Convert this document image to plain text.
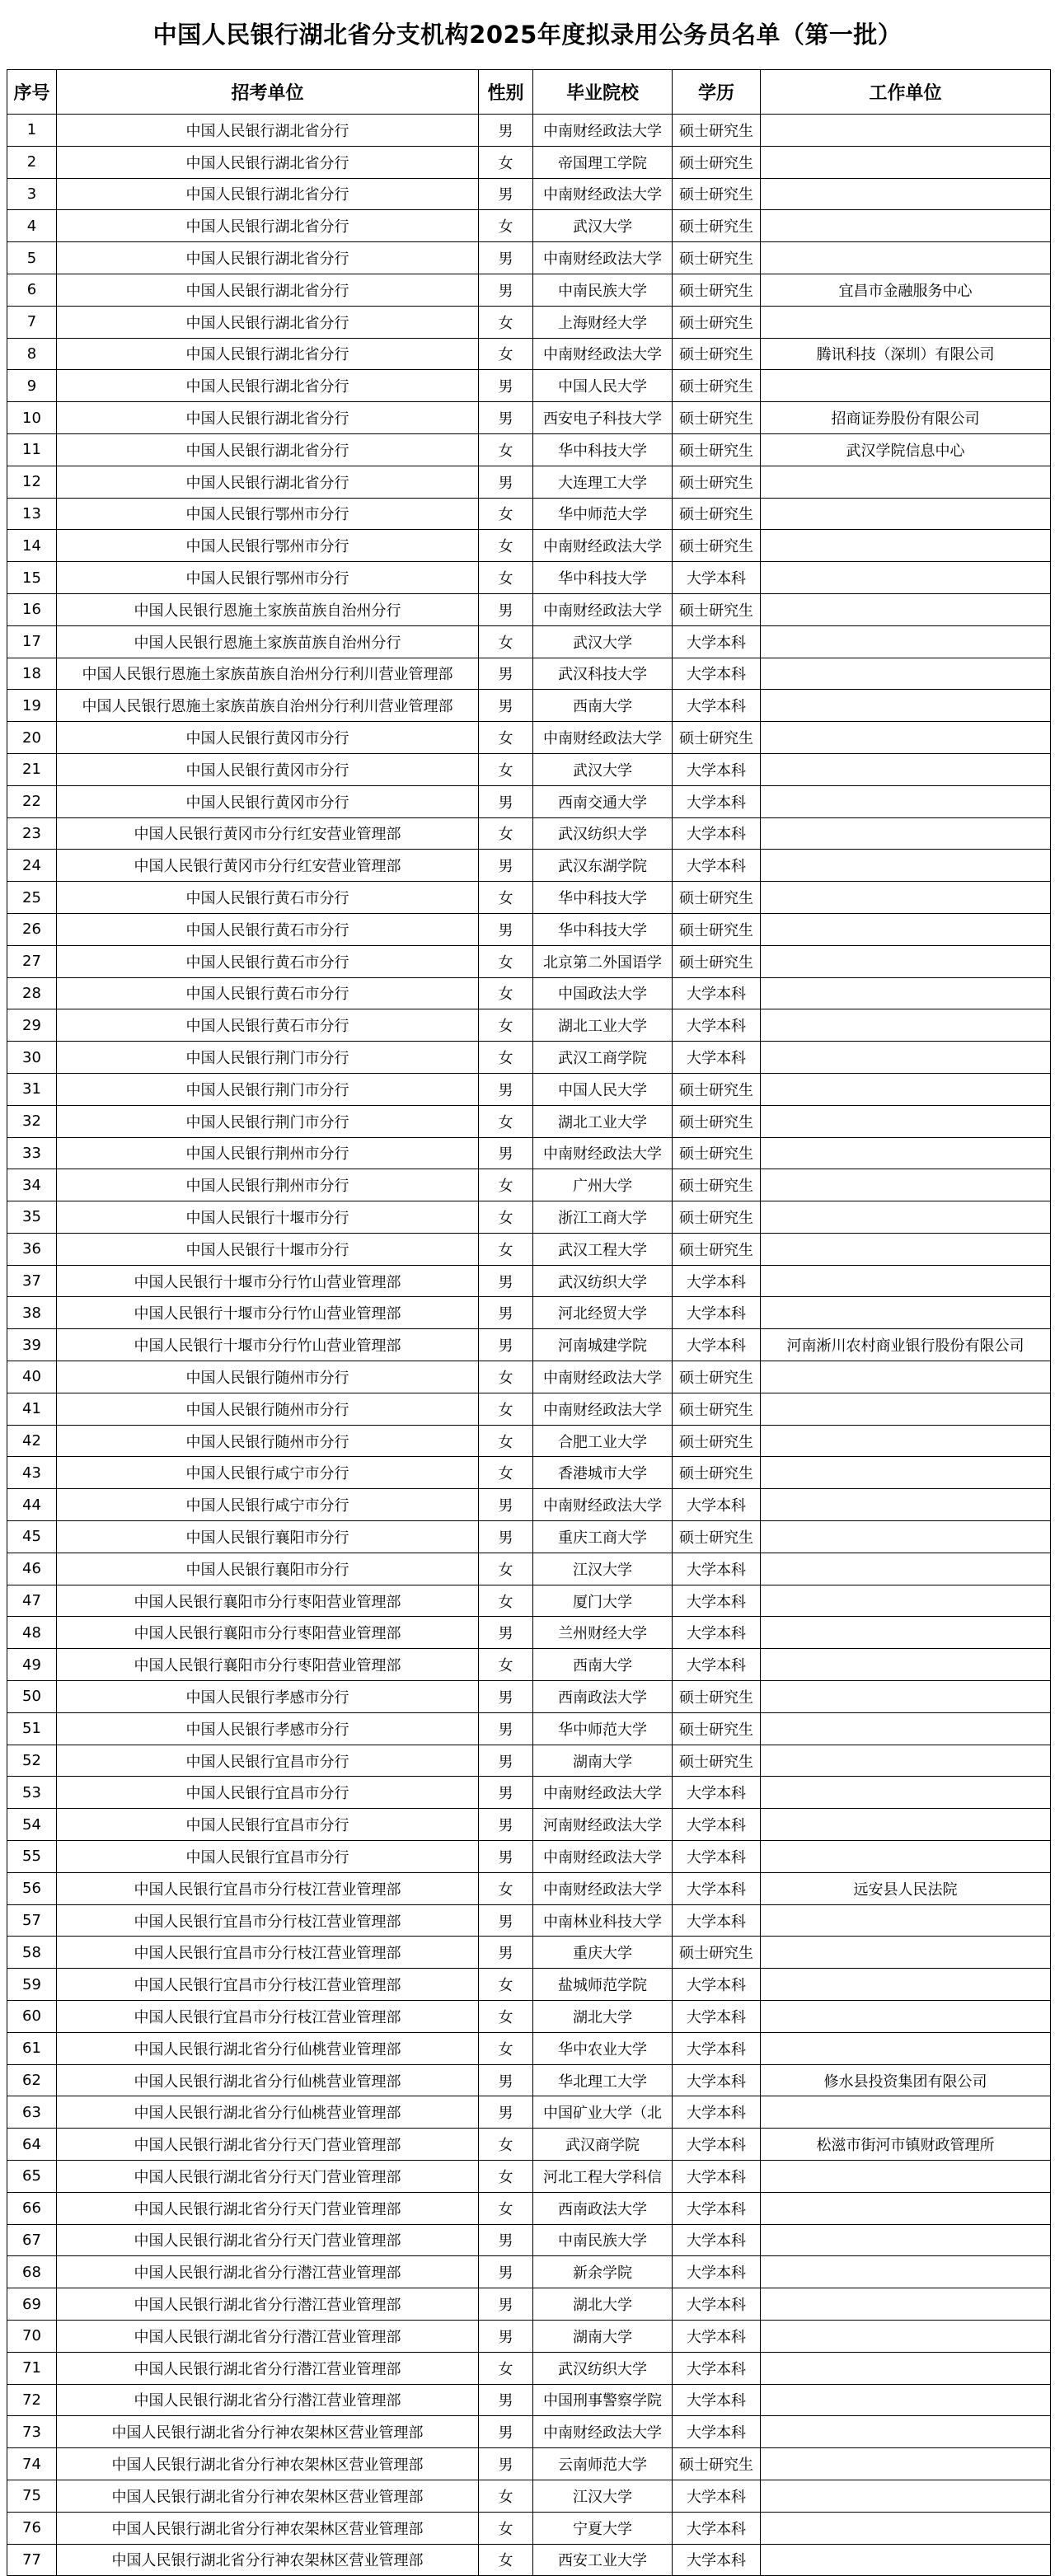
中国人民银行湖北省分支机构2025年度拟录用公务员名单（第一批）
序号	招考单位	性别	毕业院校	学历	工作单位
1	中国人民银行湖北省分行	男	中南财经政法大学	硕士研究生	
2	中国人民银行湖北省分行	女	帝国理工学院	硕士研究生	
3	中国人民银行湖北省分行	男	中南财经政法大学	硕士研究生	
4	中国人民银行湖北省分行	女	武汉大学	硕士研究生	
5	中国人民银行湖北省分行	男	中南财经政法大学	硕士研究生	
6	中国人民银行湖北省分行	男	中南民族大学	硕士研究生	宜昌市金融服务中心
7	中国人民银行湖北省分行	女	上海财经大学	硕士研究生	
8	中国人民银行湖北省分行	女	中南财经政法大学	硕士研究生	腾讯科技（深圳）有限公司
9	中国人民银行湖北省分行	男	中国人民大学	硕士研究生	
10	中国人民银行湖北省分行	男	西安电子科技大学	硕士研究生	招商证券股份有限公司
11	中国人民银行湖北省分行	女	华中科技大学	硕士研究生	武汉学院信息中心
12	中国人民银行湖北省分行	男	大连理工大学	硕士研究生	
13	中国人民银行鄂州市分行	女	华中师范大学	硕士研究生	
14	中国人民银行鄂州市分行	女	中南财经政法大学	硕士研究生	
15	中国人民银行鄂州市分行	女	华中科技大学	大学本科	
16	中国人民银行恩施土家族苗族自治州分行	男	中南财经政法大学	硕士研究生	
17	中国人民银行恩施土家族苗族自治州分行	女	武汉大学	大学本科	
18	中国人民银行恩施土家族苗族自治州分行利川营业管理部	男	武汉科技大学	大学本科	
19	中国人民银行恩施土家族苗族自治州分行利川营业管理部	男	西南大学	大学本科	
20	中国人民银行黄冈市分行	女	中南财经政法大学	硕士研究生	
21	中国人民银行黄冈市分行	女	武汉大学	大学本科	
22	中国人民银行黄冈市分行	男	西南交通大学	大学本科	
23	中国人民银行黄冈市分行红安营业管理部	女	武汉纺织大学	大学本科	
24	中国人民银行黄冈市分行红安营业管理部	男	武汉东湖学院	大学本科	
25	中国人民银行黄石市分行	女	华中科技大学	硕士研究生	
26	中国人民银行黄石市分行	男	华中科技大学	硕士研究生	
27	中国人民银行黄石市分行	女	北京第二外国语学	硕士研究生	
28	中国人民银行黄石市分行	女	中国政法大学	大学本科	
29	中国人民银行黄石市分行	女	湖北工业大学	大学本科	
30	中国人民银行荆门市分行	女	武汉工商学院	大学本科	
31	中国人民银行荆门市分行	男	中国人民大学	硕士研究生	
32	中国人民银行荆门市分行	女	湖北工业大学	硕士研究生	
33	中国人民银行荆州市分行	男	中南财经政法大学	硕士研究生	
34	中国人民银行荆州市分行	女	广州大学	硕士研究生	
35	中国人民银行十堰市分行	女	浙江工商大学	硕士研究生	
36	中国人民银行十堰市分行	女	武汉工程大学	硕士研究生	
37	中国人民银行十堰市分行竹山营业管理部	男	武汉纺织大学	大学本科	
38	中国人民银行十堰市分行竹山营业管理部	男	河北经贸大学	大学本科	
39	中国人民银行十堰市分行竹山营业管理部	男	河南城建学院	大学本科	河南淅川农村商业银行股份有限公司
40	中国人民银行随州市分行	女	中南财经政法大学	硕士研究生	
41	中国人民银行随州市分行	女	中南财经政法大学	硕士研究生	
42	中国人民银行随州市分行	女	合肥工业大学	硕士研究生	
43	中国人民银行咸宁市分行	女	香港城市大学	硕士研究生	
44	中国人民银行咸宁市分行	男	中南财经政法大学	大学本科	
45	中国人民银行襄阳市分行	男	重庆工商大学	硕士研究生	
46	中国人民银行襄阳市分行	女	江汉大学	大学本科	
47	中国人民银行襄阳市分行枣阳营业管理部	女	厦门大学	大学本科	
48	中国人民银行襄阳市分行枣阳营业管理部	男	兰州财经大学	大学本科	
49	中国人民银行襄阳市分行枣阳营业管理部	女	西南大学	大学本科	
50	中国人民银行孝感市分行	男	西南政法大学	硕士研究生	
51	中国人民银行孝感市分行	男	华中师范大学	硕士研究生	
52	中国人民银行宜昌市分行	男	湖南大学	硕士研究生	
53	中国人民银行宜昌市分行	男	中南财经政法大学	大学本科	
54	中国人民银行宜昌市分行	男	河南财经政法大学	大学本科	
55	中国人民银行宜昌市分行	男	中南财经政法大学	大学本科	
56	中国人民银行宜昌市分行枝江营业管理部	女	中南财经政法大学	大学本科	远安县人民法院
57	中国人民银行宜昌市分行枝江营业管理部	男	中南林业科技大学	大学本科	
58	中国人民银行宜昌市分行枝江营业管理部	男	重庆大学	硕士研究生	
59	中国人民银行宜昌市分行枝江营业管理部	女	盐城师范学院	大学本科	
60	中国人民银行宜昌市分行枝江营业管理部	女	湖北大学	大学本科	
61	中国人民银行湖北省分行仙桃营业管理部	女	华中农业大学	大学本科	
62	中国人民银行湖北省分行仙桃营业管理部	男	华北理工大学	大学本科	修水县投资集团有限公司
63	中国人民银行湖北省分行仙桃营业管理部	男	中国矿业大学（北	大学本科	
64	中国人民银行湖北省分行天门营业管理部	女	武汉商学院	大学本科	松滋市街河市镇财政管理所
65	中国人民银行湖北省分行天门营业管理部	女	河北工程大学科信	大学本科	
66	中国人民银行湖北省分行天门营业管理部	女	西南政法大学	大学本科	
67	中国人民银行湖北省分行天门营业管理部	男	中南民族大学	大学本科	
68	中国人民银行湖北省分行潜江营业管理部	男	新余学院	大学本科	
69	中国人民银行湖北省分行潜江营业管理部	男	湖北大学	大学本科	
70	中国人民银行湖北省分行潜江营业管理部	男	湖南大学	大学本科	
71	中国人民银行湖北省分行潜江营业管理部	女	武汉纺织大学	大学本科	
72	中国人民银行湖北省分行潜江营业管理部	男	中国刑事警察学院	大学本科	
73	中国人民银行湖北省分行神农架林区营业管理部	男	中南财经政法大学	大学本科	
74	中国人民银行湖北省分行神农架林区营业管理部	男	云南师范大学	硕士研究生	
75	中国人民银行湖北省分行神农架林区营业管理部	女	江汉大学	大学本科	
76	中国人民银行湖北省分行神农架林区营业管理部	女	宁夏大学	大学本科	
77	中国人民银行湖北省分行神农架林区营业管理部	女	西安工业大学	大学本科	
